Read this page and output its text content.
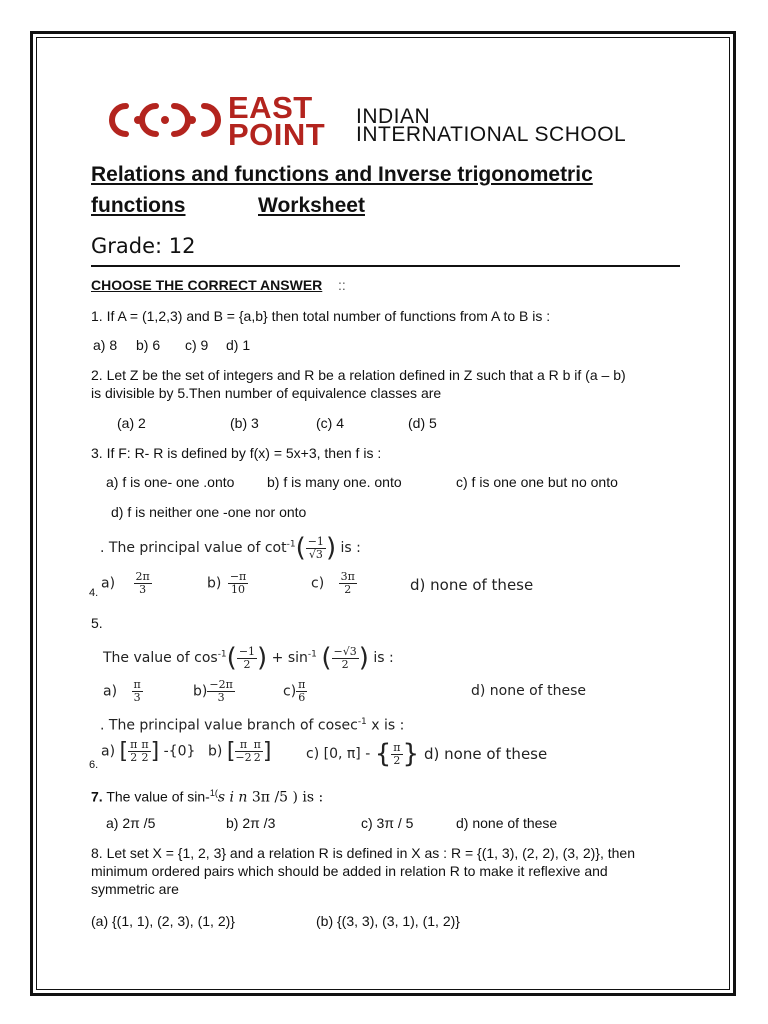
EAST
POINT
INDIAN
INTERNATIONAL SCHOOL
Relations and functions and Inverse trigonometric
functions	Worksheet
Grade: 12
CHOOSE THE CORRECT ANSWER ::
1. If A = (1,2,3) and B = {a,b} then total number of functions from A to B is :
a) 8 b) 6 c) 9 d) 1
2. Let Z be the set of integers and R be a relation defined in Z such that a R b if (a – b)
is divisible by 5.Then number of equivalence classes are
(a) 2	(b) 3	(c) 4	(d) 5
3. If F: R- R is defined by f(x) = 5x+3, then f is :
a) f is one- one .onto b) f is many one. onto	c) f is one one but no onto
d) f is neither one -one nor onto
. The principal value of $\cot^{-1}( \frac{-1}{√3}$ ) is :
4.
$a) \frac{2\pi}{3}$	$b) \frac{-\pi}{10}$	$c) \frac{3\pi}{2}$	d) none of these
5.
The value of $\cos^{-1}( \frac{-1}{2}$ ) + $\sin^{-1}$ ( $\frac{-√3}{2}$ ) is :
$a) \frac{\pi}{3}$	$b) \frac{-2\pi}{3}$	$c) \frac{\pi}{6}$	d) none of these
. The principal value branch of cosec$^{-1}$ x is :
6.
a) [ $\frac{\pi}{2} \frac{\pi}{2}$ ] -{0} b) [ $\frac{\pi}{-2} \frac{\pi}{2}$ ] c) [0, π] - { $\frac{\pi}{2}$ } d) none of these
7. The value of sin-$^{1(}$s i n 3π /5 ) is :
a) 2π /5	b) 2π /3	c) 3π / 5	d) none of these
8. Let set X = {1, 2, 3} and a relation R is defined in X as : R = {(1, 3), (2, 2), (3, 2)}, then
minimum ordered pairs which should be added in relation R to make it reflexive and
symmetric are
(a) {(1, 1), (2, 3), (1, 2)}	(b) {(3, 3), (3, 1), (1, 2)}
